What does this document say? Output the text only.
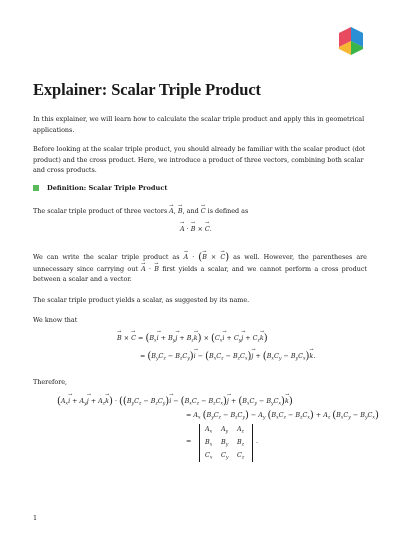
Explainer: Scalar Triple Product

In this explainer, we will learn how to calculate the scalar triple product and apply this in geometrical applications.

Before looking at the scalar triple product, you should already be familiar with the scalar product (dot product) and the cross product. Here, we introduce a product of three vectors, combining both scalar and cross products.

Definition: Scalar Triple Product

The scalar triple product of three vectors → A, → B, and → C is defined as

→ A · → B × → C.

We can write the scalar triple product as → A · (→ B × → C) as well. However, the parentheses are unnecessary since carrying out → A · → B first yields a scalar, and we cannot perform a cross product between a scalar and a vector.

The scalar triple product yields a scalar, as suggested by its name.

We know that

→ B × → $C = (B_x\to i + B_y\to j + B_z\to k) \times (C_x\to i + C_y\to j + C_z\to k)$
= $(B_yC_z - B_zC_y)\to i - (B_xC_z - B_zC_x)\to j + (B_xC_y - B_yC_x)\to k$.

Therefore,

$(A_x\to i + A_y\to j + A_z\to k) \cdot ((B_yC_z - B_zC_y)\to i - (B_xC_z - B_zC_x)\to j + (B_xC_y - B_yC_x)\to k)$
= $A_x$ $(B_yC_z - B_zC_y) - A_y$ $(B_xC_z - B_zC_x) + A_z$ $(B_xC_y - B_yC_x)$
=
$A_x$	$A_y$	$A_z$
$B_x$	$B_y$	$B_z$
$C_x$	$C_y$	$C_z$
.
1
